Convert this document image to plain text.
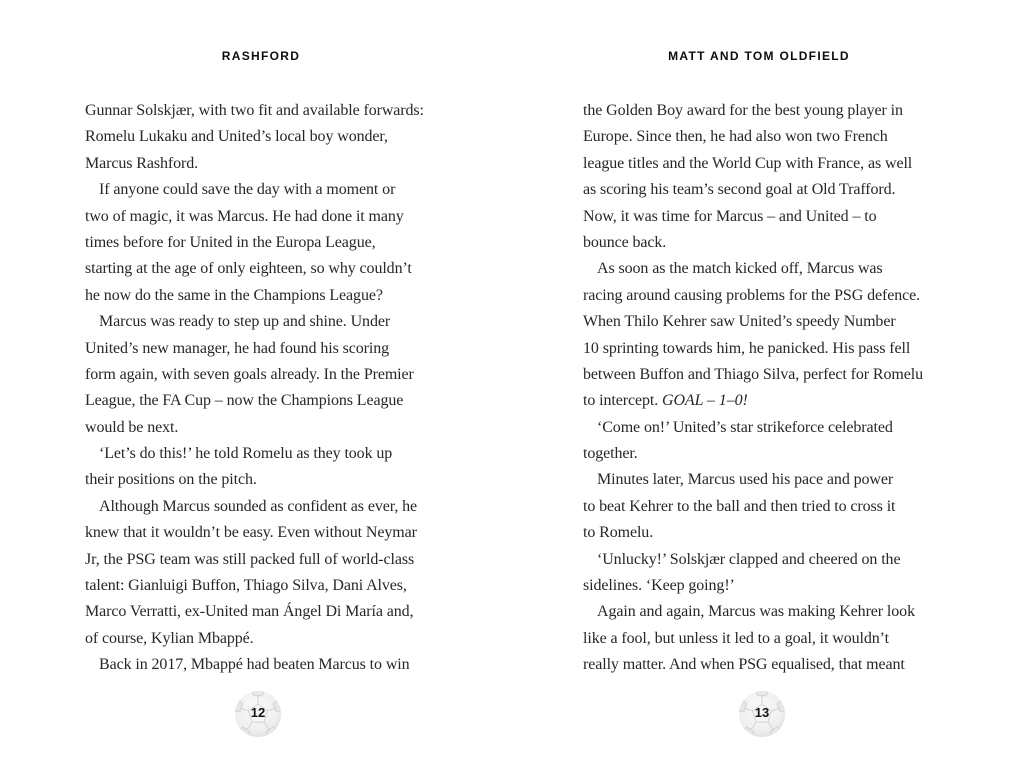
RASHFORD
Gunnar Solskjær, with two fit and available forwards:
Romelu Lukaku and United’s local boy wonder,
Marcus Rashford.
If anyone could save the day with a moment or
two of magic, it was Marcus. He had done it many
times before for United in the Europa League,
starting at the age of only eighteen, so why couldn’t
he now do the same in the Champions League?
Marcus was ready to step up and shine. Under
United’s new manager, he had found his scoring
form again, with seven goals already. In the Premier
League, the FA Cup – now the Champions League
would be next.
‘Let’s do this!’ he told Romelu as they took up
their positions on the pitch.
Although Marcus sounded as confident as ever, he
knew that it wouldn’t be easy. Even without Neymar
Jr, the PSG team was still packed full of world-class
talent: Gianluigi Buffon, Thiago Silva, Dani Alves,
Marco Verratti, ex-United man Ángel Di María and,
of course, Kylian Mbappé.
Back in 2017, Mbappé had beaten Marcus to win
12
MATT AND TOM OLDFIELD
the Golden Boy award for the best young player in
Europe. Since then, he had also won two French
league titles and the World Cup with France, as well
as scoring his team’s second goal at Old Trafford.
Now, it was time for Marcus – and United – to
bounce back.
As soon as the match kicked off, Marcus was
racing around causing problems for the PSG defence.
When Thilo Kehrer saw United’s speedy Number
10 sprinting towards him, he panicked. His pass fell
between Buffon and Thiago Silva, perfect for Romelu
to intercept. GOAL – 1–0!
‘Come on!’ United’s star strikeforce celebrated
together.
Minutes later, Marcus used his pace and power
to beat Kehrer to the ball and then tried to cross it
to Romelu.
‘Unlucky!’ Solskjær clapped and cheered on the
sidelines. ‘Keep going!’
Again and again, Marcus was making Kehrer look
like a fool, but unless it led to a goal, it wouldn’t
really matter. And when PSG equalised, that meant
13
